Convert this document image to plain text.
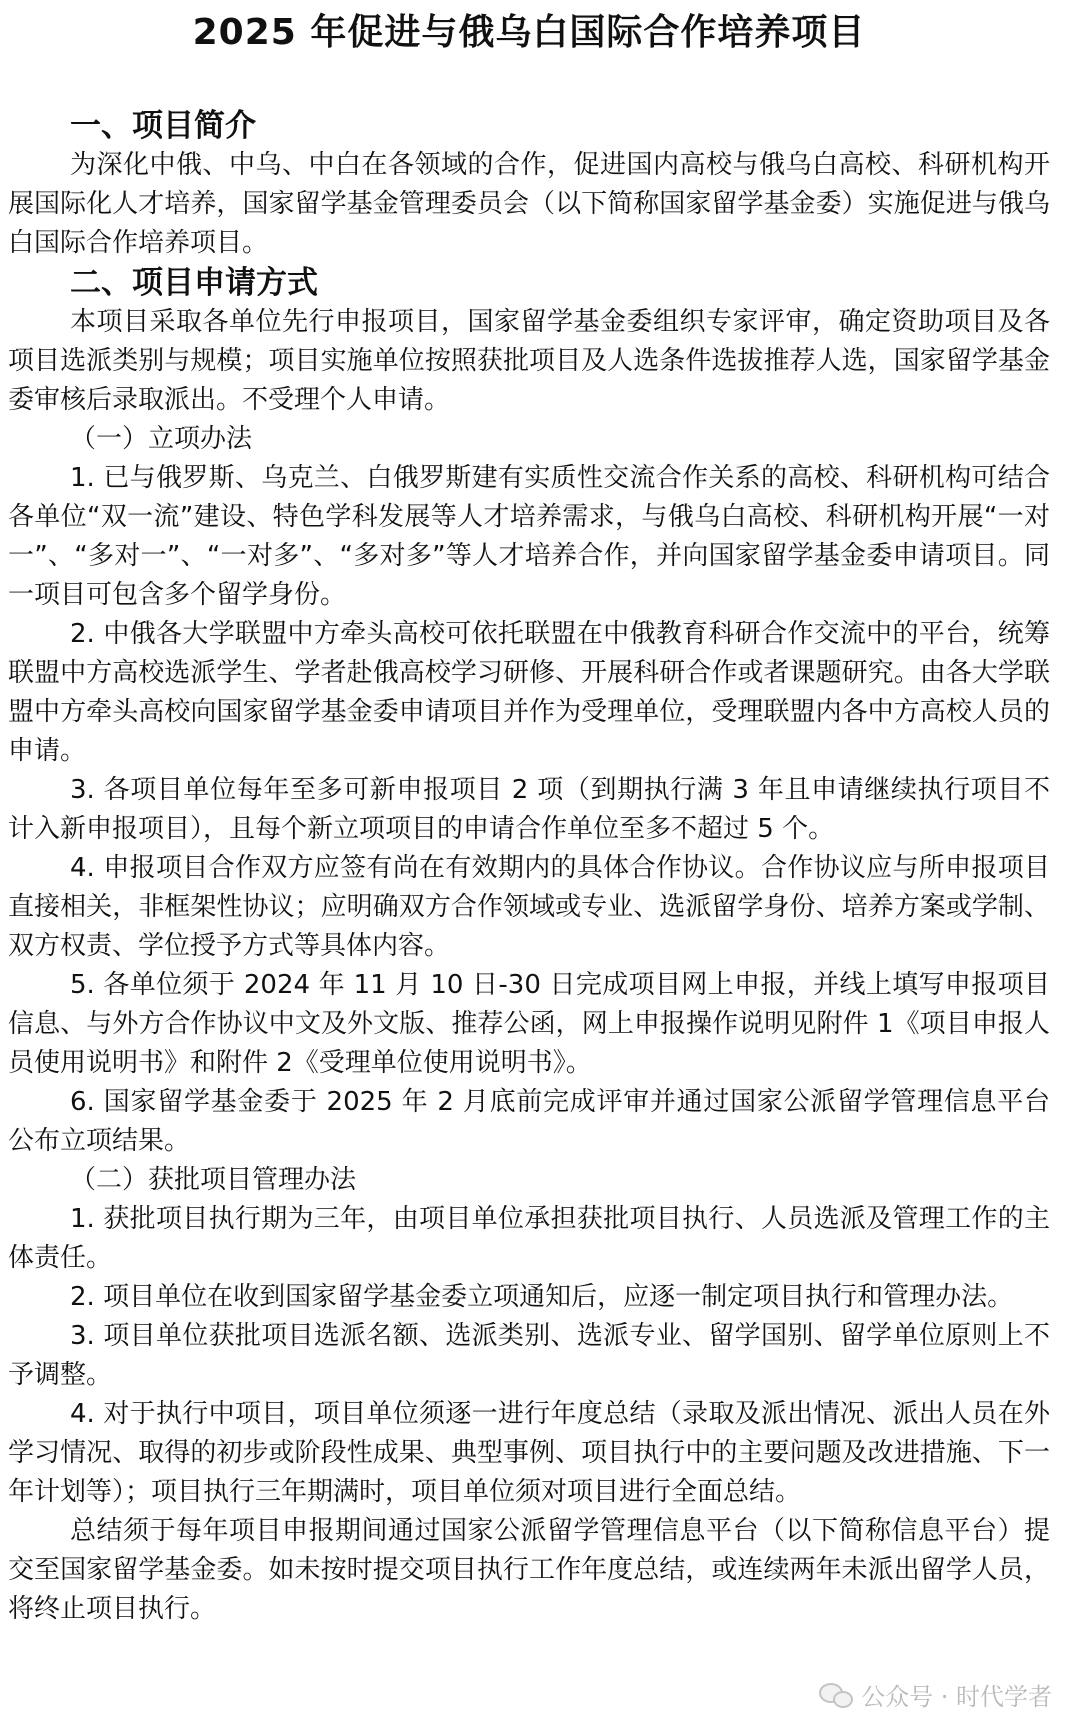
2025 年促进与俄乌白国际合作培养项目
一、项目简介
为深化中俄、中乌、中白在各领域的合作，促进国内高校与俄乌白高校、科研机构开展国际化人才培养，国家留学基金管理委员会（以下简称国家留学基金委）实施促进与俄乌白国际合作培养项目。
二、项目申请方式
本项目采取各单位先行申报项目，国家留学基金委组织专家评审，确定资助项目及各项目选派类别与规模；项目实施单位按照获批项目及人选条件选拔推荐人选，国家留学基金委审核后录取派出。不受理个人申请。
（一）立项办法
1. 已与俄罗斯、乌克兰、白俄罗斯建有实质性交流合作关系的高校、科研机构可结合各单位“双一流”建设、特色学科发展等人才培养需求，与俄乌白高校、科研机构开展“一对一”、“多对一”、“一对多”、“多对多”等人才培养合作，并向国家留学基金委申请项目。同一项目可包含多个留学身份。
2. 中俄各大学联盟中方牵头高校可依托联盟在中俄教育科研合作交流中的平台，统筹联盟中方高校选派学生、学者赴俄高校学习研修、开展科研合作或者课题研究。由各大学联盟中方牵头高校向国家留学基金委申请项目并作为受理单位，受理联盟内各中方高校人员的申请。
3. 各项目单位每年至多可新申报项目 2 项（到期执行满 3 年且申请继续执行项目不计入新申报项目），且每个新立项项目的申请合作单位至多不超过 5 个。
4. 申报项目合作双方应签有尚在有效期内的具体合作协议。合作协议应与所申报项目直接相关，非框架性协议；应明确双方合作领域或专业、选派留学身份、培养方案或学制、双方权责、学位授予方式等具体内容。
5. 各单位须于 2024 年 11 月 10 日-30 日完成项目网上申报，并线上填写申报项目信息、与外方合作协议中文及外文版、推荐公函，网上申报操作说明见附件 1《项目申报人员使用说明书》和附件 2《受理单位使用说明书》。
6. 国家留学基金委于 2025 年 2 月底前完成评审并通过国家公派留学管理信息平台公布立项结果。
（二）获批项目管理办法
1. 获批项目执行期为三年，由项目单位承担获批项目执行、人员选派及管理工作的主体责任。
2. 项目单位在收到国家留学基金委立项通知后，应逐一制定项目执行和管理办法。
3. 项目单位获批项目选派名额、选派类别、选派专业、留学国别、留学单位原则上不予调整。
4. 对于执行中项目，项目单位须逐一进行年度总结（录取及派出情况、派出人员在外学习情况、取得的初步或阶段性成果、典型事例、项目执行中的主要问题及改进措施、下一年计划等）；项目执行三年期满时，项目单位须对项目进行全面总结。
总结须于每年项目申报期间通过国家公派留学管理信息平台（以下简称信息平台）提交至国家留学基金委。如未按时提交项目执行工作年度总结，或连续两年未派出留学人员，将终止项目执行。
公众号 · 时代学者
